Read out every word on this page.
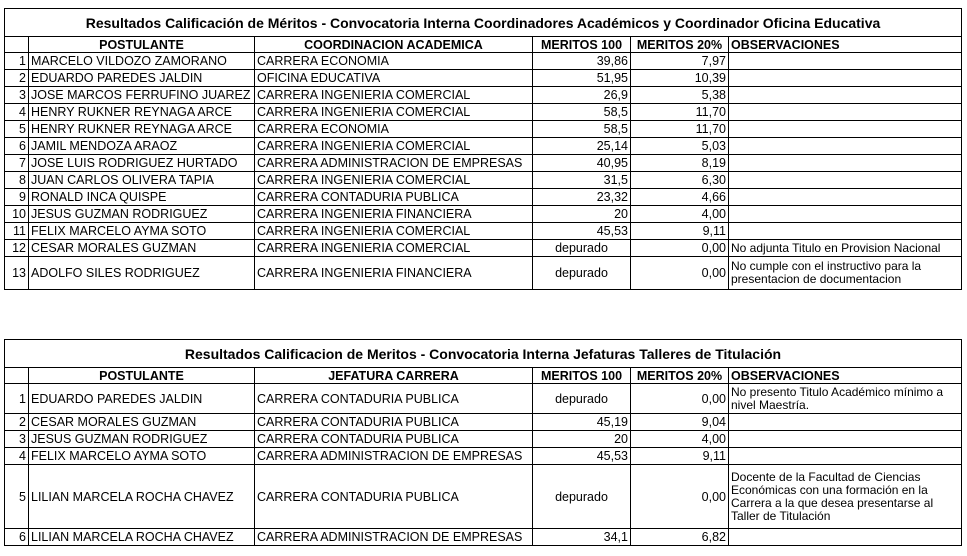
Resultados Calificación de Méritos - Convocatoria Interna Coordinadores Académicos y Coordinador Oficina Educativa					
	POSTULANTE	COORDINACION ACADEMICA	MERITOS 100	MERITOS 20%	OBSERVACIONES
1	MARCELO VILDOZO ZAMORANO	CARRERA ECONOMIA	39,86	7,97	
2	EDUARDO PAREDES JALDIN	OFICINA EDUCATIVA	51,95	10,39	
3	JOSE MARCOS FERRUFINO JUAREZ	CARRERA INGENIERIA COMERCIAL	26,9	5,38	
4	HENRY RUKNER REYNAGA ARCE	CARRERA INGENIERIA COMERCIAL	58,5	11,70	
5	HENRY RUKNER REYNAGA ARCE	CARRERA ECONOMIA	58,5	11,70	
6	JAMIL MENDOZA ARAOZ	CARRERA INGENIERIA COMERCIAL	25,14	5,03	
7	JOSE LUIS RODRIGUEZ HURTADO	CARRERA ADMINISTRACION DE EMPRESAS	40,95	8,19	
8	JUAN CARLOS OLIVERA TAPIA	CARRERA INGENIERIA COMERCIAL	31,5	6,30	
9	RONALD INCA QUISPE	CARRERA CONTADURIA PUBLICA	23,32	4,66	
10	JESUS GUZMAN RODRIGUEZ	CARRERA INGENIERIA FINANCIERA	20	4,00	
11	FELIX MARCELO AYMA SOTO	CARRERA INGENIERIA COMERCIAL	45,53	9,11	
12	CESAR MORALES GUZMAN	CARRERA INGENIERIA COMERCIAL	depurado	0,00	No adjunta Titulo en Provision Nacional
13	ADOLFO SILES RODRIGUEZ	CARRERA INGENIERIA FINANCIERA	depurado	0,00	No cumple con el instructivo para la presentacion de documentacion
Resultados Calificacion de Meritos - Convocatoria Interna Jefaturas Talleres de Titulación					
	POSTULANTE	JEFATURA CARRERA	MERITOS 100	MERITOS 20%	OBSERVACIONES
1	EDUARDO PAREDES JALDIN	CARRERA CONTADURIA PUBLICA	depurado	0,00	No presento Titulo Académico mínimo a nivel Maestría.
2	CESAR MORALES GUZMAN	CARRERA CONTADURIA PUBLICA	45,19	9,04	
3	JESUS GUZMAN RODRIGUEZ	CARRERA CONTADURIA PUBLICA	20	4,00	
4	FELIX MARCELO AYMA SOTO	CARRERA ADMINISTRACION DE EMPRESAS	45,53	9,11	
5	LILIAN MARCELA ROCHA CHAVEZ	CARRERA CONTADURIA PUBLICA	depurado	0,00	Docente de la Facultad de Ciencias Económicas con una formación en la Carrera a la que desea presentarse al Taller de Titulación
6	LILIAN MARCELA ROCHA CHAVEZ	CARRERA ADMINISTRACION DE EMPRESAS	34,1	6,82	
